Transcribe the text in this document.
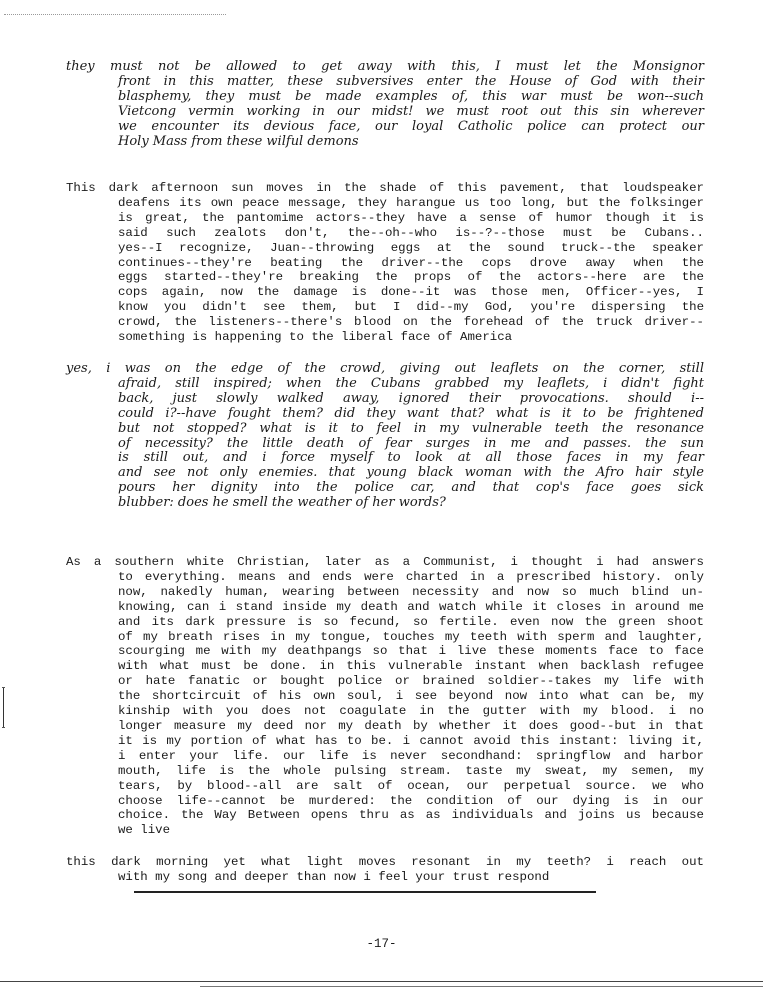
they must not be allowed to get away with this, I must let the Monsignor
front in this matter, these subversives enter the House of God with their
blasphemy, they must be made examples of, this war must be won--such
Vietcong vermin working in our midst! we must root out this sin wherever
we encounter its devious face, our loyal Catholic police can protect our
Holy Mass from these wilful demons
This dark afternoon sun moves in the shade of this pavement, that loudspeaker
deafens its own peace message, they harangue us too long, but the folksinger
is great, the pantomime actors--they have a sense of humor though it is
said such zealots don't, the--oh--who is--?--those must be Cubans..
yes--I recognize, Juan--throwing eggs at the sound truck--the speaker
continues--they're beating the driver--the cops drove away when the
eggs started--they're breaking the props of the actors--here are the
cops again, now the damage is done--it was those men, Officer--yes, I
know you didn't see them, but I did--my God, you're dispersing the
crowd, the listeners--there's blood on the forehead of the truck driver--
something is happening to the liberal face of America
yes, i was on the edge of the crowd, giving out leaflets on the corner, still
afraid, still inspired; when the Cubans grabbed my leaflets, i didn't fight
back, just slowly walked away, ignored their provocations. should i--
could i?--have fought them? did they want that? what is it to be frightened
but not stopped? what is it to feel in my vulnerable teeth the resonance
of necessity? the little death of fear surges in me and passes. the sun
is still out, and i force myself to look at all those faces in my fear
and see not only enemies. that young black woman with the Afro hair style
pours her dignity into the police car, and that cop's face goes sick
blubber: does he smell the weather of her words?
As a southern white Christian, later as a Communist, i thought i had answers
to everything. means and ends were charted in a prescribed history. only
now, nakedly human, wearing between necessity and now so much blind un-
knowing, can i stand inside my death and watch while it closes in around me
and its dark pressure is so fecund, so fertile. even now the green shoot
of my breath rises in my tongue, touches my teeth with sperm and laughter,
scourging me with my deathpangs so that i live these moments face to face
with what must be done. in this vulnerable instant when backlash refugee
or hate fanatic or bought police or brained soldier--takes my life with
the shortcircuit of his own soul, i see beyond now into what can be, my
kinship with you does not coagulate in the gutter with my blood. i no
longer measure my deed nor my death by whether it does good--but in that
it is my portion of what has to be. i cannot avoid this instant: living it,
i enter your life. our life is never secondhand: springflow and harbor
mouth, life is the whole pulsing stream. taste my sweat, my semen, my
tears, by blood--all are salt of ocean, our perpetual source. we who
choose life--cannot be murdered: the condition of our dying is in our
choice. the Way Between opens thru as as individuals and joins us because
we live
this dark morning yet what light moves resonant in my teeth? i reach out
with my song and deeper than now i feel your trust respond
-17-
